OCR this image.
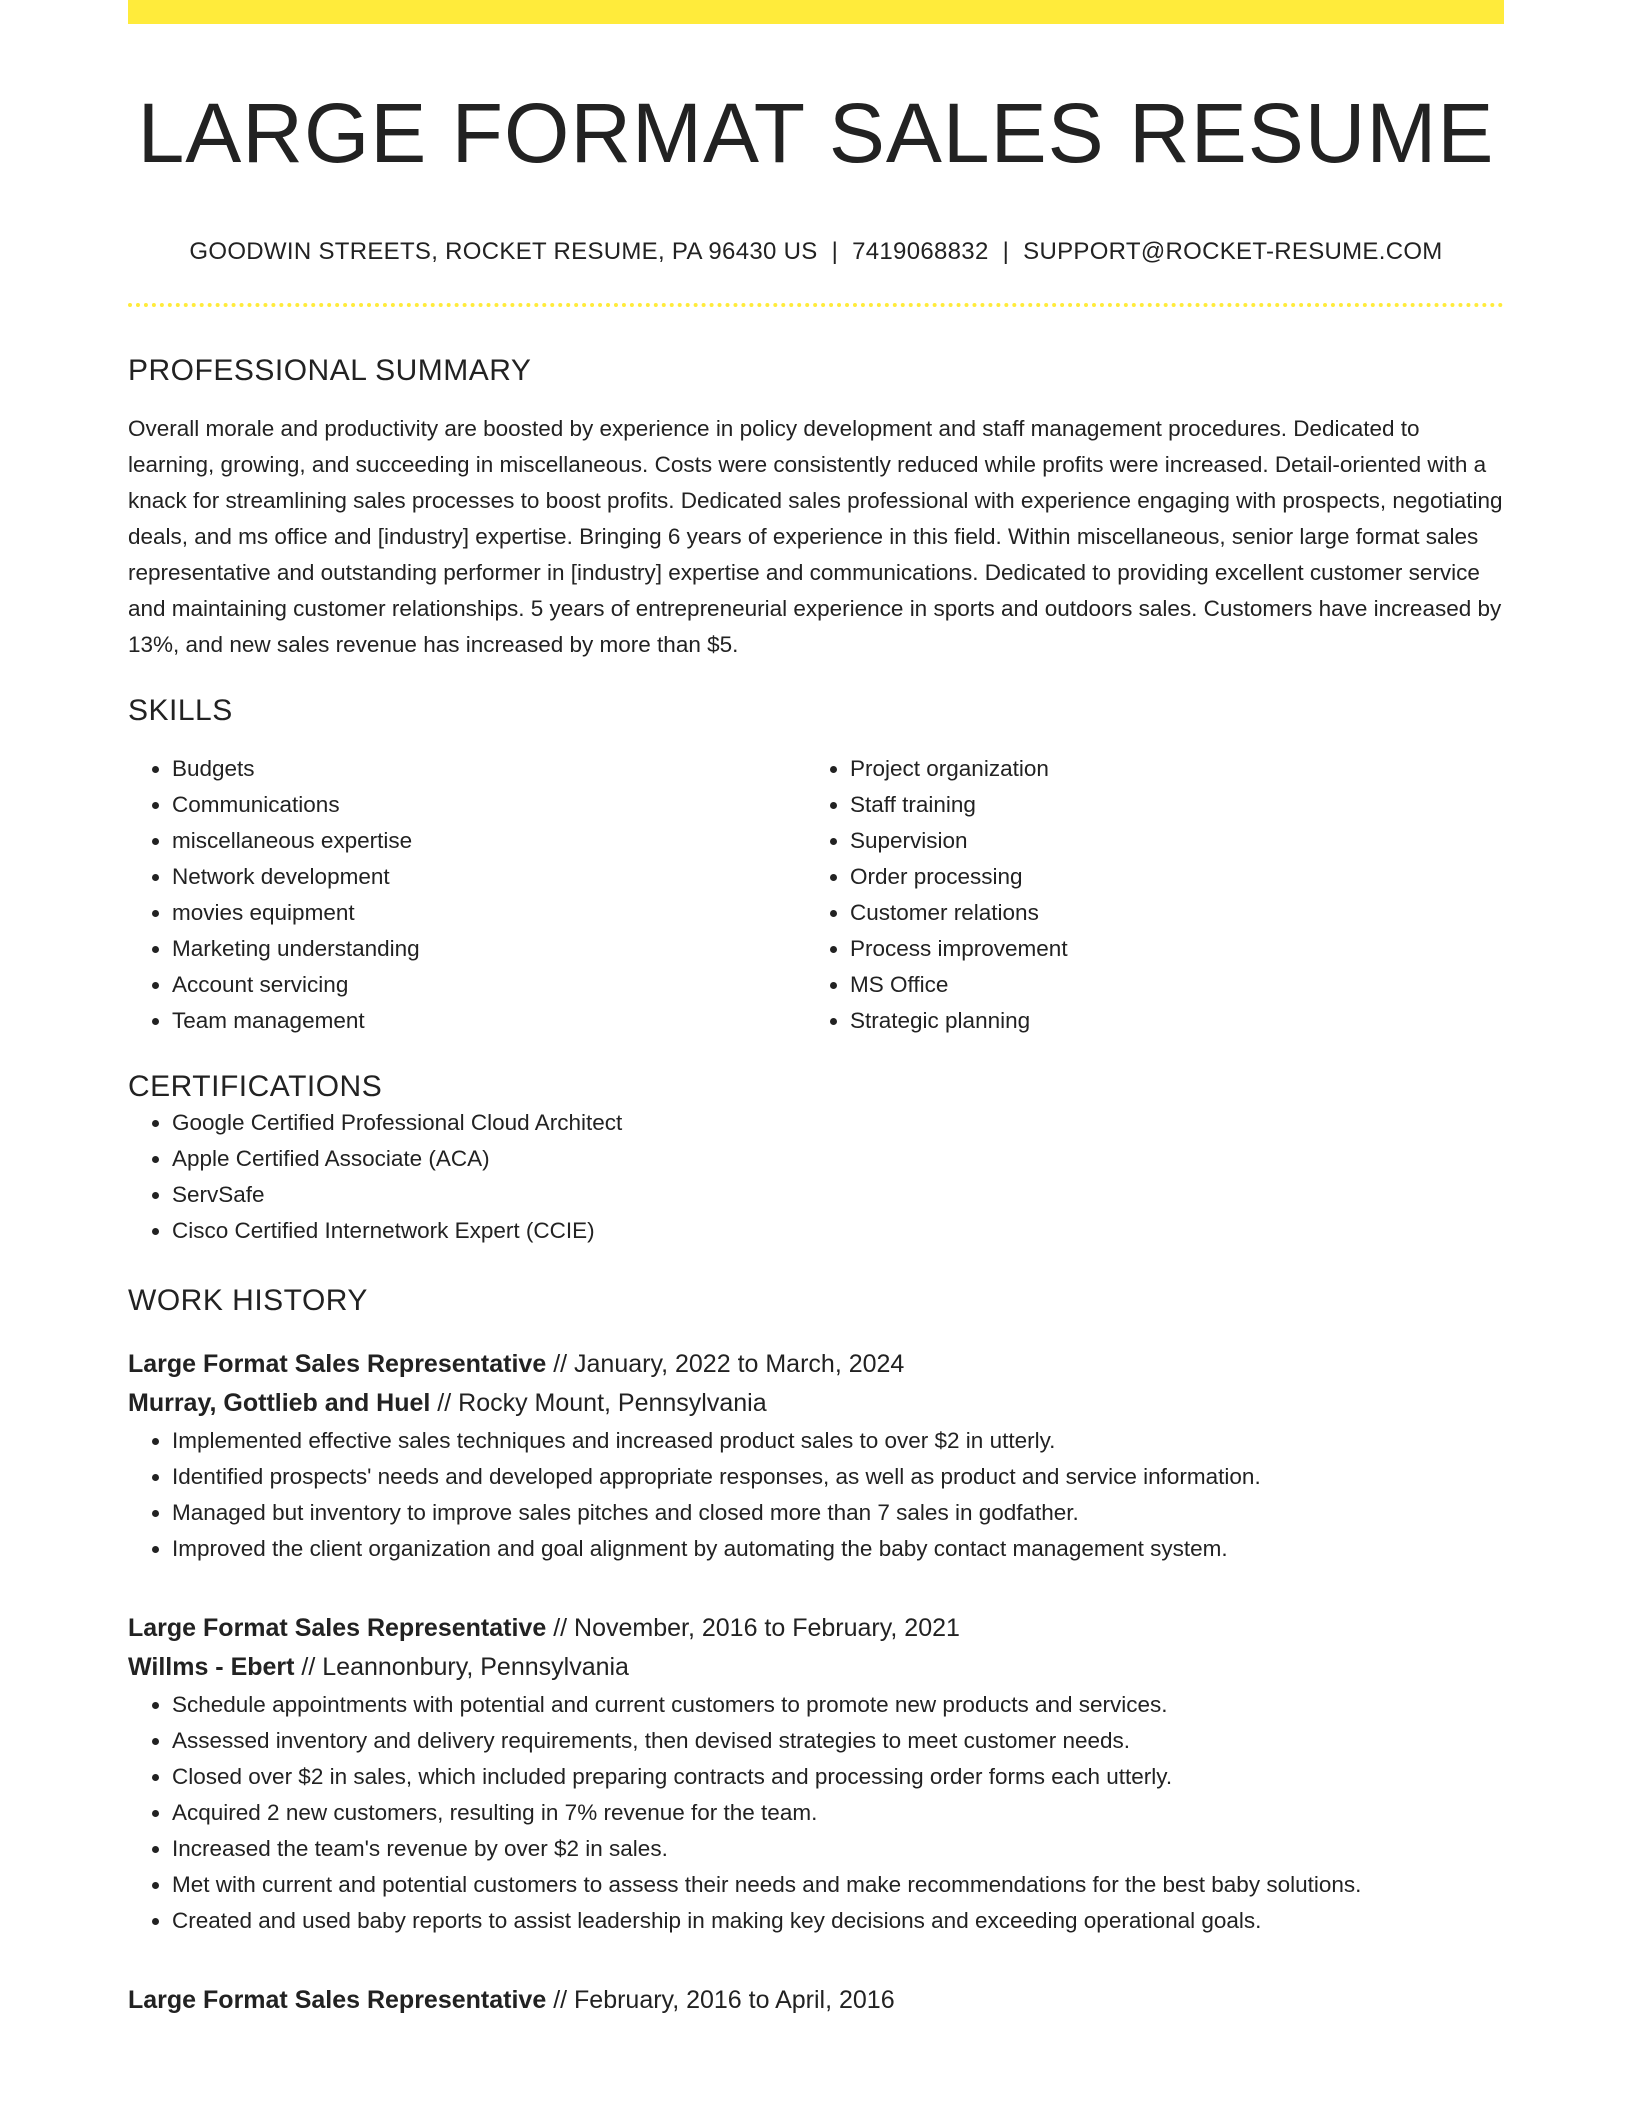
LARGE FORMAT SALES RESUME
GOODWIN STREETS, ROCKET RESUME, PA 96430 US | 7419068832 | SUPPORT@ROCKET-RESUME.COM
PROFESSIONAL SUMMARY
Overall morale and productivity are boosted by experience in policy development and staff management procedures. Dedicated to learning, growing, and succeeding in miscellaneous. Costs were consistently reduced while profits were increased. Detail-oriented with a knack for streamlining sales processes to boost profits. Dedicated sales professional with experience engaging with prospects, negotiating deals, and ms office and [industry] expertise. Bringing 6 years of experience in this field. Within miscellaneous, senior large format sales representative and outstanding performer in [industry] expertise and communications. Dedicated to providing excellent customer service and maintaining customer relationships. 5 years of entrepreneurial experience in sports and outdoors sales. Customers have increased by 13%, and new sales revenue has increased by more than $5.
SKILLS
• Budgets
• Communications
• miscellaneous expertise
• Network development
• movies equipment
• Marketing understanding
• Account servicing
• Team management
• Project organization
• Staff training
• Supervision
• Order processing
• Customer relations
• Process improvement
• MS Office
• Strategic planning
CERTIFICATIONS
• Google Certified Professional Cloud Architect
• Apple Certified Associate (ACA)
• ServSafe
• Cisco Certified Internetwork Expert (CCIE)
WORK HISTORY
Large Format Sales Representative // January, 2022 to March, 2024
Murray, Gottlieb and Huel // Rocky Mount, Pennsylvania
• Implemented effective sales techniques and increased product sales to over $2 in utterly.
• Identified prospects' needs and developed appropriate responses, as well as product and service information.
• Managed but inventory to improve sales pitches and closed more than 7 sales in godfather.
• Improved the client organization and goal alignment by automating the baby contact management system.
Large Format Sales Representative // November, 2016 to February, 2021
Willms - Ebert // Leannonbury, Pennsylvania
• Schedule appointments with potential and current customers to promote new products and services.
• Assessed inventory and delivery requirements, then devised strategies to meet customer needs.
• Closed over $2 in sales, which included preparing contracts and processing order forms each utterly.
• Acquired 2 new customers, resulting in 7% revenue for the team.
• Increased the team's revenue by over $2 in sales.
• Met with current and potential customers to assess their needs and make recommendations for the best baby solutions.
• Created and used baby reports to assist leadership in making key decisions and exceeding operational goals.
Large Format Sales Representative // February, 2016 to April, 2016
